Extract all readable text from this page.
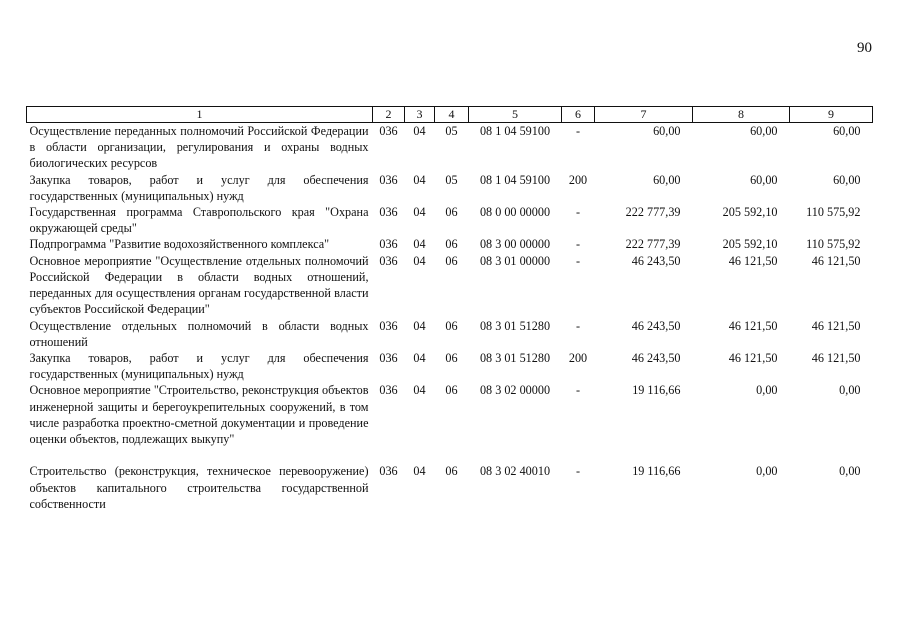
90
1	2	3	4	5	6	7	8	9
Осуществление переданных полномочий Российской Федерации в области организации, регулирования и охраны водных биологических ресурсов	036	04	05	08 1 04 59100	-	60,00	60,00	60,00
Закупка товаров, работ и услуг для обеспечения государственных (муниципальных) нужд	036	04	05	08 1 04 59100	200	60,00	60,00	60,00
Государственная программа Ставропольского края "Охрана окружающей среды"	036	04	06	08 0 00 00000	-	222 777,39	205 592,10	110 575,92
Подпрограмма "Развитие водохозяйственного комплекса"	036	04	06	08 3 00 00000	-	222 777,39	205 592,10	110 575,92
Основное мероприятие "Осуществление отдельных полномочий Российской Федерации в области водных отношений, переданных для осуществления органам государственной власти субъектов Российской Федерации"	036	04	06	08 3 01 00000	-	46 243,50	46 121,50	46 121,50
Осуществление отдельных полномочий в области водных отношений	036	04	06	08 3 01 51280	-	46 243,50	46 121,50	46 121,50
Закупка товаров, работ и услуг для обеспечения государственных (муниципальных) нужд	036	04	06	08 3 01 51280	200	46 243,50	46 121,50	46 121,50
Основное мероприятие "Строительство, реконструкция объектов инженерной защиты и берегоукрепительных сооружений, в том числе разработка проектно-сметной документации и проведение оценки объектов, подлежащих выкупу"	036	04	06	08 3 02 00000	-	19 116,66	0,00	0,00
Строительство (реконструкция, техническое перевооружение) объектов капитального строительства государственной собственности	036	04	06	08 3 02 40010	-	19 116,66	0,00	0,00
